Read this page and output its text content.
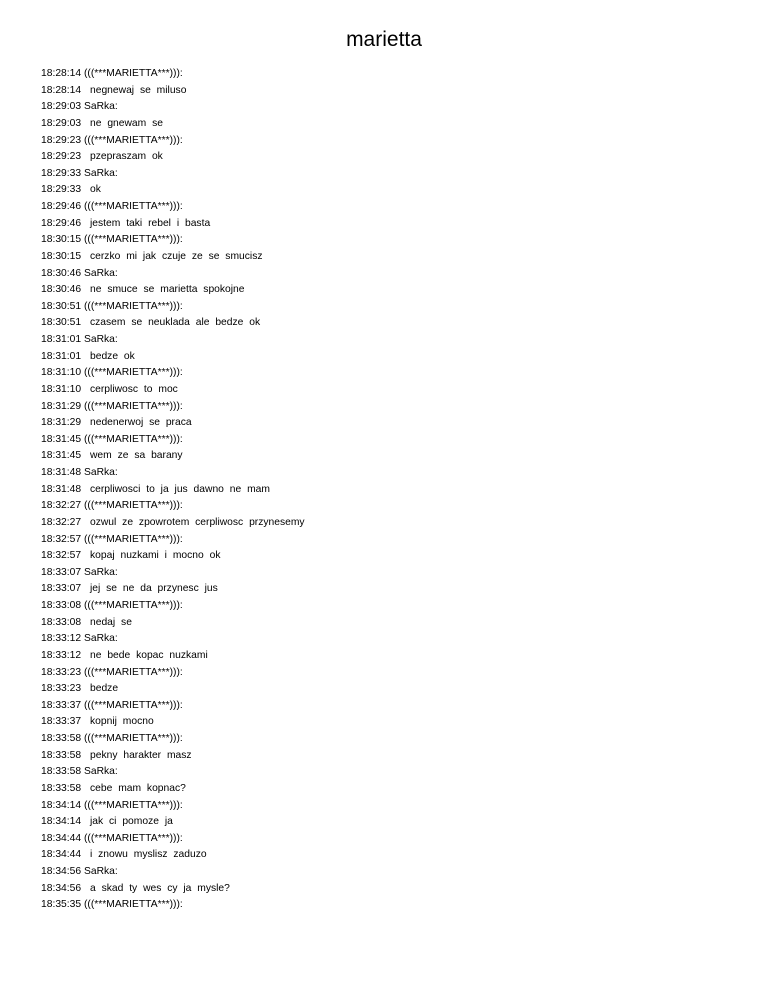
marietta
18:28:14 (((***MARIETTA***))):
18:28:14 negnewaj se miluso
18:29:03 SaRka:
18:29:03 ne gnewam se
18:29:23 (((***MARIETTA***))):
18:29:23 pzepraszam ok
18:29:33 SaRka:
18:29:33 ok
18:29:46 (((***MARIETTA***))):
18:29:46 jestem taki rebel i basta
18:30:15 (((***MARIETTA***))):
18:30:15 cerzko mi jak czuje ze se smucisz
18:30:46 SaRka:
18:30:46 ne smuce se marietta spokojne
18:30:51 (((***MARIETTA***))):
18:30:51 czasem se neuklada ale bedze ok
18:31:01 SaRka:
18:31:01 bedze ok
18:31:10 (((***MARIETTA***))):
18:31:10 cerpliwosc to moc
18:31:29 (((***MARIETTA***))):
18:31:29 nedenerwoj se praca
18:31:45 (((***MARIETTA***))):
18:31:45 wem ze sa barany
18:31:48 SaRka:
18:31:48 cerpliwosci to ja jus dawno ne mam
18:32:27 (((***MARIETTA***))):
18:32:27 ozwul ze zpowrotem cerpliwosc przynesemy
18:32:57 (((***MARIETTA***))):
18:32:57 kopaj nuzkami i mocno ok
18:33:07 SaRka:
18:33:07 jej se ne da przynesc jus
18:33:08 (((***MARIETTA***))):
18:33:08 nedaj se
18:33:12 SaRka:
18:33:12 ne bede kopac nuzkami
18:33:23 (((***MARIETTA***))):
18:33:23 bedze
18:33:37 (((***MARIETTA***))):
18:33:37 kopnij mocno
18:33:58 (((***MARIETTA***))):
18:33:58 pekny harakter masz
18:33:58 SaRka:
18:33:58 cebe mam kopnac?
18:34:14 (((***MARIETTA***))):
18:34:14 jak ci pomoze ja
18:34:44 (((***MARIETTA***))):
18:34:44 i znowu myslisz zaduzo
18:34:56 SaRka:
18:34:56 a skad ty wes cy ja mysle?
18:35:35 (((***MARIETTA***))):
